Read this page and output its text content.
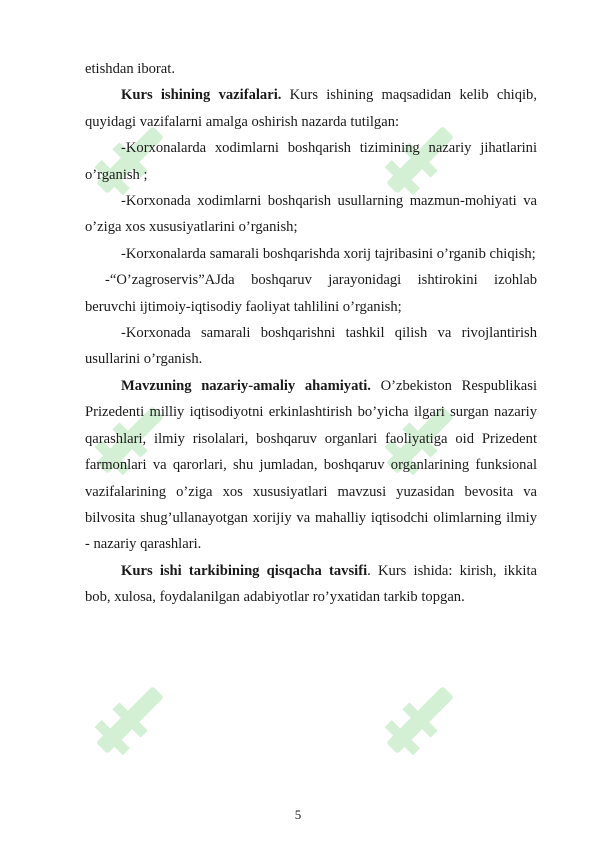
etishdan iborat.

Kurs ishining vazifalari. Kurs ishining maqsadidan kelib chiqib, quyidagi vazifalarni amalga oshirish nazarda tutilgan:

-Korxonalarda xodimlarni boshqarish tizimining nazariy jihatlarini o’rganish ;

-Korxonada xodimlarni boshqarish usullarning mazmun-mohiyati va o’ziga xos xususiyatlarini o’rganish;

-Korxonalarda samarali boshqarishda xorij tajribasini o’rganib chiqish;

-“O’zagroservis”AJda boshqaruv jarayonidagi ishtirokini izohlab beruvchi ijtimoiy-iqtisodiy faoliyat tahlilini o’rganish;

-Korxonada samarali boshqarishni tashkil qilish va rivojlantirish usullarini o’rganish.

Mavzuning nazariy-amaliy ahamiyati. O’zbekiston Respublikasi Prizedenti milliy iqtisodiyotni erkinlashtirish bo’yicha ilgari surgan nazariy qarashlari, ilmiy risolalari, boshqaruv organlari faoliyatiga oid Prizedent farmonlari va qarorlari, shu jumladan, boshqaruv organlarining funksional vazifalarining o’ziga xos xususiyatlari mavzusi yuzasidan bevosita va bilvosita shug’ullanayotgan xorijiy va mahalliy iqtisodchi olimlarning ilmiy - nazariy qarashlari.

Kurs ishi tarkibining qisqacha tavsifi. Kurs ishida: kirish, ikkita bob, xulosa, foydalanilgan adabiyotlar ro’yxatidan tarkib topgan.

5
